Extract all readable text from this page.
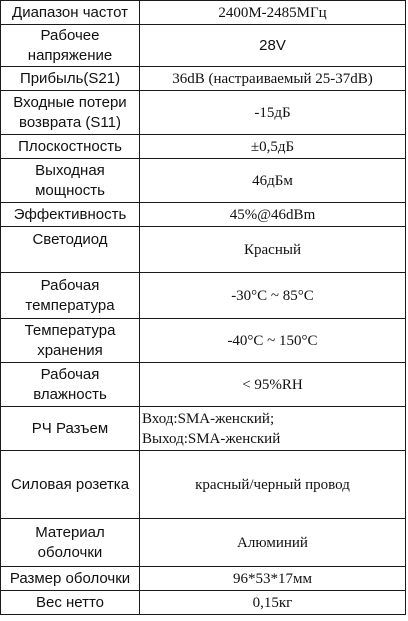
Диапазон частот	2400M-2485МГц

Рабочее
напряжение	28V

Прибыль(S21)	36dB (настраиваемый 25-37dB)

Входные потери
возврата (S11)	-15дБ

Плоскостность	±0,5дБ

Выходная
мощность	46дБм

Эффективность	45%@46dBm

Светодиод	Красный

Рабочая
температура	-30°C ~ 85°C

Температура
хранения	-40°C ~ 150°C

Рабочая
влажность	< 95%RH

РЧ Разъем	Вход:SMA-женский;
Выход:SMA-женский

Силовая розетка	красный/черный провод

Материал
оболочки	Алюминий

Размер оболочки	96*53*17мм

Вес нетто	0,15кг
